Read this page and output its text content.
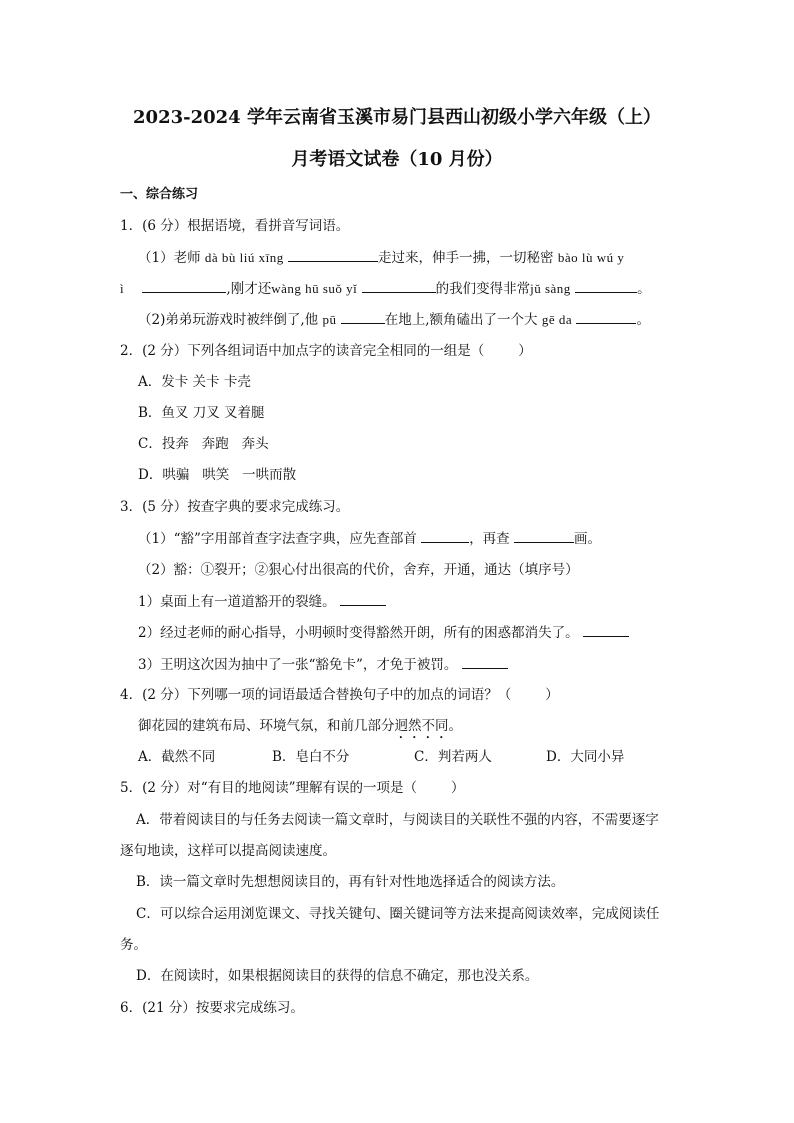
2023-2024 学年云南省玉溪市易门县西山初级小学六年级（上）
月考语文试卷（10 月份）
一、综合练习
1．(6 分）根据语境，看拼音写词语。
（1）老师 dà bù liú xīng	走过来，伸手一拂，一切秘密 bào lù wú y
ì	,刚才还wàng hū suǒ yǐ	的我们变得非常jǔ sàng	。
（2)弟弟玩游戏时被绊倒了,他 pū	在地上,额角磕出了一个大 gē da	。
2．(2 分）下列各组词语中加点字的读音完全相同的一组是（	）
A．发卡 关卡 卡壳
B．鱼叉 刀叉 叉着腿
C．投奔 奔跑 奔头
D．哄骗 哄笑 一哄而散
3．(5 分）按查字典的要求完成练习。
（1）“豁”字用部首查字法查字典，应先查部首	，再查	画。
（2）豁：①裂开；②狠心付出很高的代价，舍弃，开通，通达（填序号）
1）桌面上有一道道豁开的裂缝。
2）经过老师的耐心指导，小明顿时变得豁然开朗，所有的困惑都消失了。
3）王明这次因为抽中了一张“豁免卡”，才免于被罚。
4．(2 分）下列哪一项的词语最适合替换句子中的加点的词语？（	）
御花园的建筑布局、环境气氛，和前几部分迥然不同。
A．截然不同	B．皂白不分	C．判若两人	D．大同小异
5．(2 分）对“有目的地阅读”理解有误的一项是（	）
A．带着阅读目的与任务去阅读一篇文章时，与阅读目的关联性不强的内容，不需要逐字
逐句地读，这样可以提高阅读速度。
B．读一篇文章时先想想阅读目的，再有针对性地选择适合的阅读方法。
C．可以综合运用浏览课文、寻找关键句、圈关键词等方法来提高阅读效率，完成阅读任
务。
D．在阅读时，如果根据阅读目的获得的信息不确定，那也没关系。
6．(21 分）按要求完成练习。
